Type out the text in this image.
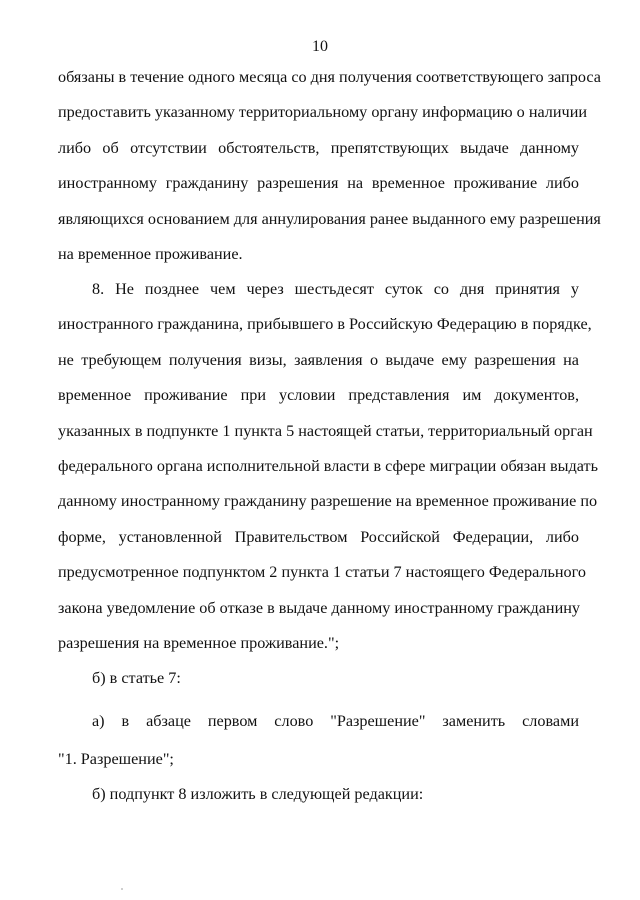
10
обязаны в течение одного месяца со дня получения соответствующего запроса
предоставить указанному территориальному органу информацию о наличии
либо об отсутствии обстоятельств, препятствующих выдаче данному
иностранному гражданину разрешения на временное проживание либо
являющихся основанием для аннулирования ранее выданного ему разрешения
на временное проживание.
8. Не позднее чем через шестьдесят суток со дня принятия у
иностранного гражданина, прибывшего в Российскую Федерацию в порядке,
не требующем получения визы, заявления о выдаче ему разрешения на
временное проживание при условии представления им документов,
указанных в подпункте 1 пункта 5 настоящей статьи, территориальный орган
федерального органа исполнительной власти в сфере миграции обязан выдать
данному иностранному гражданину разрешение на временное проживание по
форме, установленной Правительством Российской Федерации, либо
предусмотренное подпунктом 2 пункта 1 статьи 7 настоящего Федерального
закона уведомление об отказе в выдаче данному иностранному гражданину
разрешения на временное проживание.";
б) в статье 7:
а) в абзаце первом слово "Разрешение" заменить словами
"1. Разрешение";
б) подпункт 8 изложить в следующей редакции:
